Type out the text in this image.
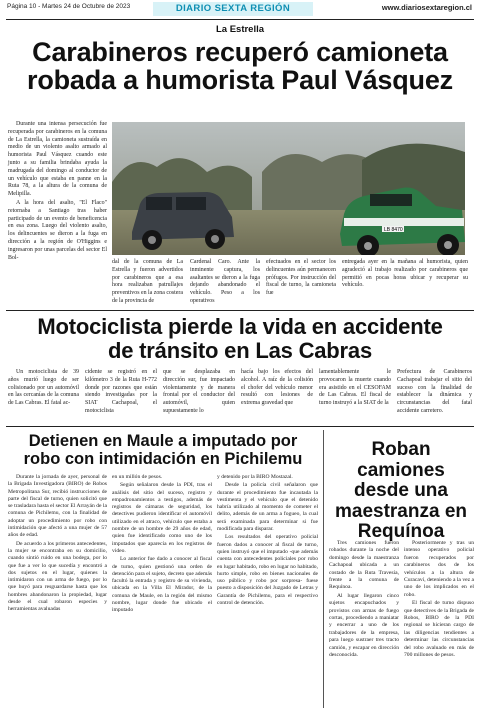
Página 10 - Martes 24 de Octubre de 2023	DIARIO SEXTA REGIÓN	www.diariosextaregion.cl
La Estrella
Carabineros recuperó camioneta
robada a humorista Paul Vásquez

Durante una intensa persecución fue recuperada por carabineros en la comuna de La Estrella, la camioneta sustraída en medio de un violento asalto armado al humorista Paul Vásquez cuando este junto a su familia brindaba ayuda la madrugada del domingo al conductor de un vehículo que estaba en panne en la Ruta 78, a la altura de la comuna de Melipilla.

A la hora del asalto, "El Flaco" retornaba a Santiago tras haber participado de un evento de beneficencia en esa zona. Luego del violento asalto, los delincuentes se dieron a la fuga en dirección a la región de O'Higgins e ingresaron por unas parcelas del sector El Bol-

LB 8470

dal de la comuna de La Estrella y fueron advertidos por carabineros que a esa hora realizaban patrullajes preventivos en la zona costera de la provincia de

Cardenal Caro. Ante la inminente captura, los asaltantes se dieron a la fuga dejando abandonado el vehículo. Peso a los operativos

efectuados en el sector los delincuentes aún permanecen prófugos. Por instrucción del fiscal de turno, la camioneta fue

entregada ayer en la mañana al humorista, quien agradeció al trabajo realizado por carabineros que permitió en pocas horas ubicar y recuperar su vehículo.

Motociclista pierde la vida en accidente
de tránsito en Las Cabras

Un motociclista de 39 años murió luego de ser colisionado por un automóvil en las cercanías de la comuna de Las Cabras. El fatal ac-

cidente se registró en el kilómetro 3 de la Ruta H-772 donde por razones que están siendo investigadas por la SIAT Cachapoal, el motociclista

que se desplazaba en dirección sur, fue impactado violentamente y de manera frontal por el conductor del automóvil, quien supuestamente lo

hacía bajo los efectos del alcohol. A raíz de la colisión el chofer del vehículo menor resultó con lesiones de extrema gravedad que

lamentablemente le provocaron la muerte cuando era asistido en el CESOFAM de Las Cabras. El fiscal de turno instruyó a la SIAT de la

Prefectura de Carabineros Cachapoal trabajar el sitio del suceso con la finalidad de establecer la dinámica y circunstancias del fatal accidente carretero.

Detienen en Maule a imputado por
robo con intimidación en Pichilemu

Durante la jornada de ayer, personal de la Brigada Investigadora (BIRO) de Robos Metropolitana Sur, recibió instrucciones de parte del fiscal de turno, quien solicitó que se trasladara hasta el sector El Arrayán de la comuna de Pichilemu, con la finalidad de adoptar un procedimiento por robo con intimidación que afectó a una mujer de 57 años de edad.

De acuerdo a los primeros antecedentes, la mujer se encontraba en su domicilio, cuando sintió ruido en una bodega, por lo que fue a ver lo que sucedía y encontró a dos sujetos en el lugar, quienes la intimidaron con un arma de fuego, por lo que huyó para resguardarse hasta que los hombres abandonaron la propiedad, lugar desde el cual robaron especies y herramientas avaluadas

en un millón de pesos.

Según señalaron desde la PDI, tras el análisis del sitio del suceso, registro y empadronamientos a testigos, además de registros de cámaras de seguridad, los detectives pudieron identificar el automóvil utilizado en el atraco, vehículo que estaba a nombre de un hombre de 29 años de edad, quien fue identificado como uno de los imputados que aparecía en los registros de video.

Lo anterior fue dado a conocer al fiscal de turno, quien gestionó una orden de detención para el sujeto, decreto que además facultó la entrada y registro de su vivienda, ubicada en la Villa El Mirador, de la comuna de Maule, en la región del mismo nombre, lugar donde fue ubicado el imputado

y detenido por la BIRO Mostazal.

Desde la policía civil señalaron que durante el procedimiento fue incautada la vestimenta y el vehículo que el detenido habría utilizado al momento de cometer el delito, además de un arma a fogueo, la cual será examinada para determinar si fue modificada para disparar.

Los resultados del operativo policial fueron dados a conocer al fiscal de turno, quien instruyó que el imputado -que además cuenta con antecedentes policiales por robo en lugar habitado, robo en lugar no habitado, hurto simple, robo en bienes nacionales de uso público y robo por sorpresa- fuese puesto a disposición del Juzgado de Letras y Garantía de Pichilemu, para el respectivo control de detención.

Roban camiones
desde una
maestranza en
Requínoa

Tres camiones fueron robados durante la noche del domingo desde la maestranza Cachapoal ubicada a un costado de la Ruta Travesía, frente a la comuna de Requínoa.

Al lugar llegaron cinco sujetos encapuchados y provistos con armas de fuego cortas, procediendo a maniatar y encerrar a uno de los trabajadores de la empresa, para luego sustraer tres tracto camión, y escapar en dirección desconocida.

Posteriormente y tras un intenso operativo policial fueron recuperados por carabineros dos de los vehículos a la altura de Curacaví, deteniendo a la vez a uno de los implicados en el robo.

El fiscal de turno dispuso que detectives de la Brigada de Robos, BIRO de la PDI regional se hicieran cargo de las diligencias tendientes a determinar las circunstancias del robo avaluado en más de 700 millones de pesos.
